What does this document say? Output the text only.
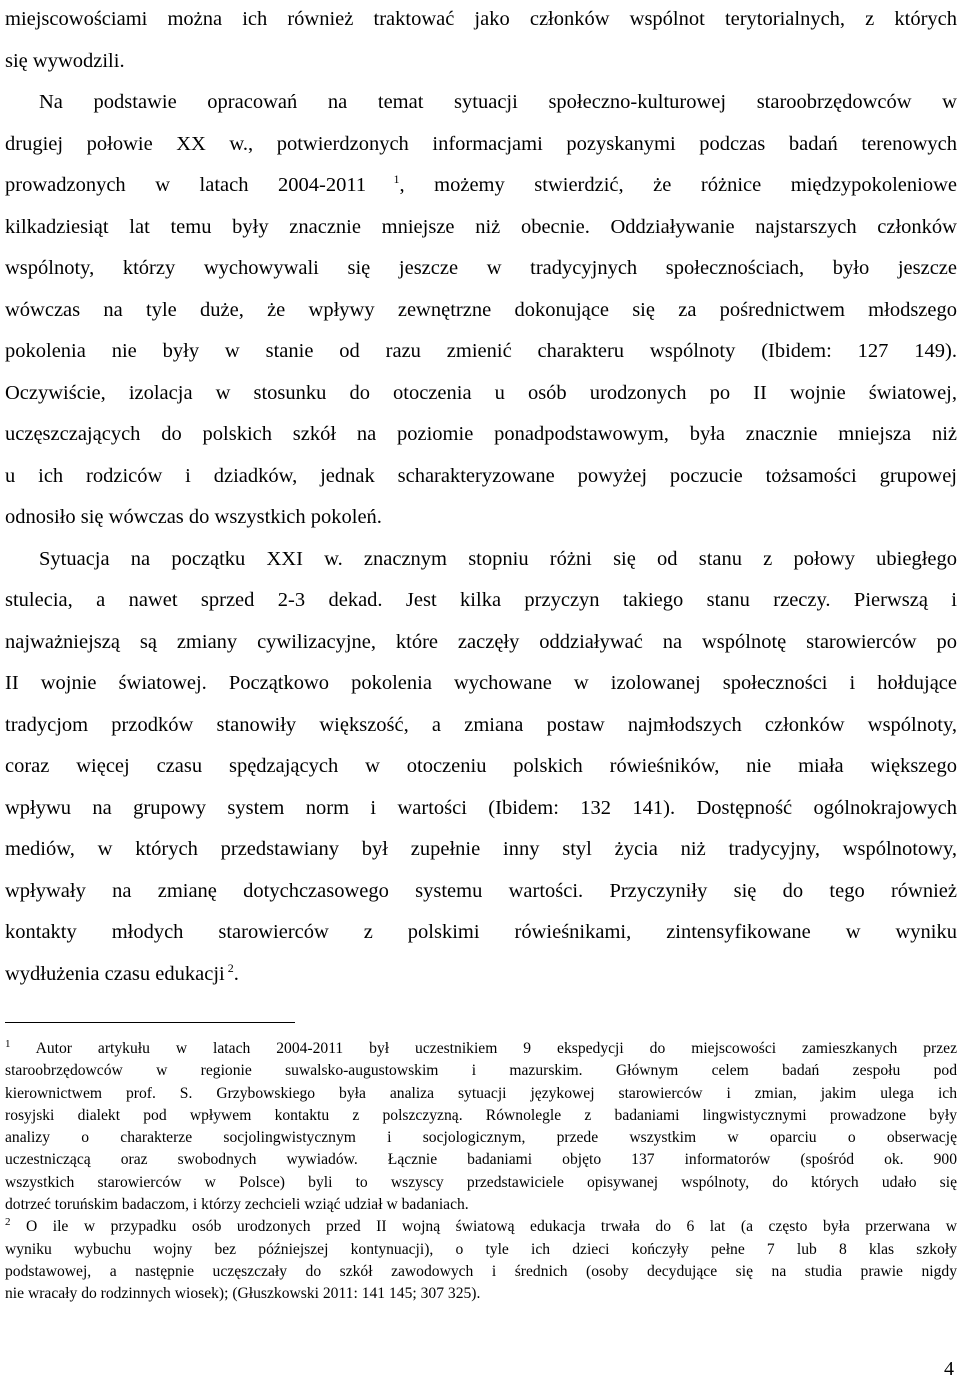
miejscowościami można ich również traktować jako członków wspólnot terytorialnych, z których
się wywodzili.
Na podstawie opracowań na temat sytuacji społeczno-kulturowej staroobrzędowców w
drugiej połowie XX w., potwierdzonych informacjami pozyskanymi podczas badań terenowych
prowadzonych w latach 2004-2011 $^1$, możemy stwierdzić, że różnice międzypokoleniowe
kilkadziesiąt lat temu były znacznie mniejsze niż obecnie. Oddziaływanie najstarszych członków
wspólnoty, którzy wychowywali się jeszcze w tradycyjnych społecznościach, było jeszcze
wówczas na tyle duże, że wpływy zewnętrzne dokonujące się za pośrednictwem młodszego
pokolenia nie były w stanie od razu zmienić charakteru wspólnoty (Ibidem: 127 149).
Oczywiście, izolacja w stosunku do otoczenia u osób urodzonych po II wojnie światowej,
uczęszczających do polskich szkół na poziomie ponadpodstawowym, była znacznie mniejsza niż
u ich rodziców i dziadków, jednak scharakteryzowane powyżej poczucie tożsamości grupowej
odnosiło się wówczas do wszystkich pokoleń.
Sytuacja na początku XXI w. znacznym stopniu różni się od stanu z połowy ubiegłego
stulecia, a nawet sprzed 2-3 dekad. Jest kilka przyczyn takiego stanu rzeczy. Pierwszą i
najważniejszą są zmiany cywilizacyjne, które zaczęły oddziaływać na wspólnotę starowierców po
II wojnie światowej. Początkowo pokolenia wychowane w izolowanej społeczności i hołdujące
tradycjom przodków stanowiły większość, a zmiana postaw najmłodszych członków wspólnoty,
coraz więcej czasu spędzających w otoczeniu polskich rówieśników, nie miała większego
wpływu na grupowy system norm i wartości (Ibidem: 132 141). Dostępność ogólnokrajowych
mediów, w których przedstawiany był zupełnie inny styl życia niż tradycyjny, wspólnotowy,
wpływały na zmianę dotychczasowego systemu wartości. Przyczyniły się do tego również
kontakty młodych starowierców z polskimi rówieśnikami, zintensyfikowane w wyniku
wydłużenia czasu edukacji $^2$.
$^1$ Autor artykułu w latach 2004-2011 był uczestnikiem 9 ekspedycji do miejscowości zamieszkanych przez
staroobrzędowców w regionie suwalsko-augustowskim i mazurskim. Głównym celem badań zespołu pod
kierownictwem prof. S. Grzybowskiego była analiza sytuacji językowej starowierców i zmian, jakim ulega ich
rosyjski dialekt pod wpływem kontaktu z polszczyzną. Równolegle z badaniami lingwistycznymi prowadzone były
analizy o charakterze socjolingwistycznym i socjologicznym, przede wszystkim w oparciu o obserwację
uczestniczącą oraz swobodnych wywiadów. Łącznie badaniami objęto 137 informatorów (spośród ok. 900
wszystkich starowierców w Polsce) byli to wszyscy przedstawiciele opisywanej wspólnoty, do których udało się
dotrzeć toruńskim badaczom, i którzy zechcieli wziąć udział w badaniach.
$^2$ O ile w przypadku osób urodzonych przed II wojną światową edukacja trwała do 6 lat (a często była przerwana w
wyniku wybuchu wojny bez późniejszej kontynuacji), o tyle ich dzieci kończyły pełne 7 lub 8 klas szkoły
podstawowej, a następnie uczęszczały do szkół zawodowych i średnich (osoby decydujące się na studia prawie nigdy
nie wracały do rodzinnych wiosek); (Głuszkowski 2011: 141 145; 307 325).
4
